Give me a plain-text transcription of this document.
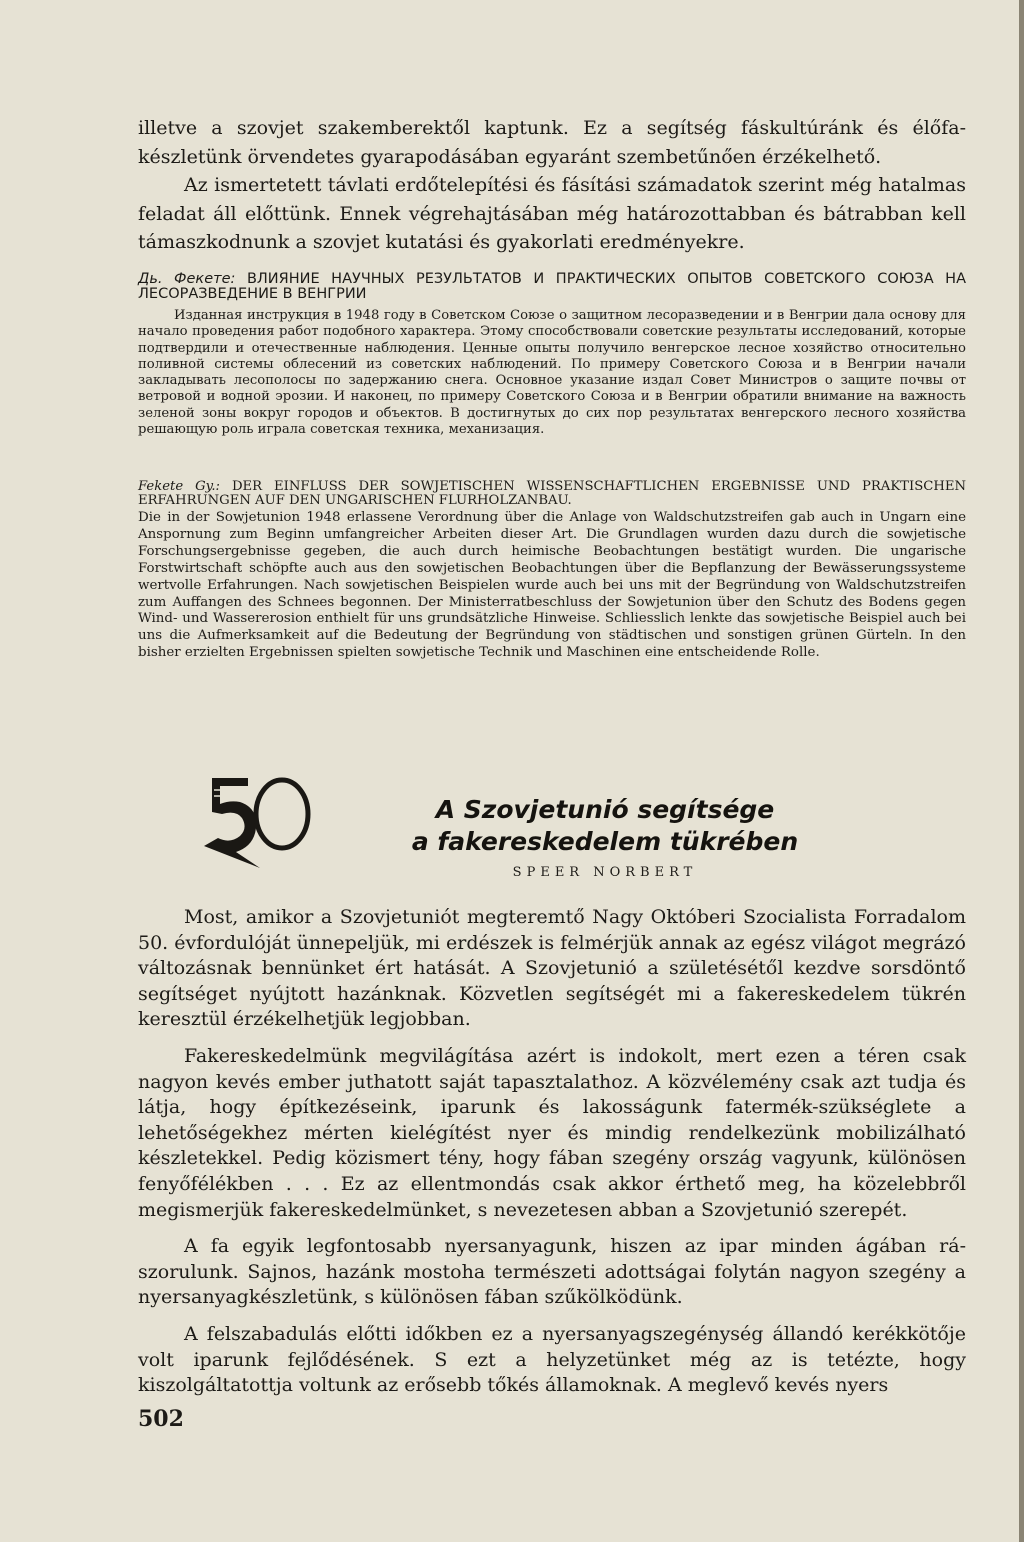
illetve a szovjet szakemberektől kaptunk. Ez a segítség fáskultúránk és élőfakészletünk örvendetes gyarapodásában egyaránt szembetűnően érzékelhető.

Az ismertetett távlati erdőtelepítési és fásítási számadatok szerint még hatalmas feladat áll előttünk. Ennek végrehajtásában még határozottabban és bátrabban kell támaszkodnunk a szovjet kutatási és gyakorlati eredményekre.

Дь. Фекете: ВЛИЯНИЕ НАУЧНЫХ РЕЗУЛЬТАТОВ И ПРАКТИЧЕСКИХ ОПЫТОВ СОВЕТСКОГО СОЮЗА НА ЛЕСОРАЗВЕДЕНИЕ В ВЕНГРИИ

Изданная инструкция в 1948 году в Советском Союзе о защитном лесоразведении и в Венгрии дала основу для начало проведения работ подобного характера. Этому способствовали советские результаты исследований, которые подтвердили и отечественные наблюдения. Ценные опыты получило венгерское лесное хозяйство относительно поливной системы облесений из советских наблюдений. По примеру Советского Союза и в Венгрии начали закладывать лесополосы по задержанию снега. Основное указание издал Совет Министров о защите почвы от ветровой и водной эрозии. И наконец, по примеру Советского Союза и в Венгрии обратили внимание на важность зеленой зоны вокруг городов и объектов. В достигнутых до сих пор результатах венгерского лесного хозяйства решающую роль играла советская техника, механизация.

Fekete Gy.: DER EINFLUSS DER SOWJETISCHEN WISSENSCHAFTLICHEN ERGEBNISSE UND PRAKTISCHEN ERFAHRUNGEN AUF DEN UNGARISCHEN FLURHOLZANBAU.

Die in der Sowjetunion 1948 erlassene Verordnung über die Anlage von Waldschutzstreifen gab auch in Ungarn eine Anspornung zum Beginn umfangreicher Arbeiten dieser Art. Die Grundlagen wurden dazu durch die sowjetische Forschungsergebnisse gegeben, die auch durch heimische Beobachtungen bestätigt wurden. Die ungarische Forstwirtschaft schöpfte auch aus den sowjetischen Beobachtungen über die Bepflanzung der Bewässerungssysteme wertvolle Erfahrungen. Nach sowjetischen Beispielen wurde auch bei uns mit der Begründung von Waldschutzstreifen zum Auffangen des Schnees begonnen. Der Ministerratbeschluss der Sowjetunion über den Schutz des Bodens gegen Wind- und Wassererosion enthielt für uns grundsätzliche Hinweise. Schliesslich lenkte das sowjetische Beispiel auch bei uns die Aufmerksamkeit auf die Bedeutung der Begründung von städtischen und sonstigen grünen Gürteln. In den bisher erzielten Ergebnissen spielten sowjetische Technik und Maschinen eine entscheidende Rolle.

A Szovjetunió segítsége
a fakereskedelem tükrében
SPEER NORBERT

Most, amikor a Szovjetuniót megteremtő Nagy Októberi Szocialista Forradalom 50. évfordulóját ünnepeljük, mi erdészek is felmérjük annak az egész világot megrázó változásnak bennünket ért hatását. A Szovjetunió a születésétől kezdve sorsdöntő segítséget nyújtott hazánknak. Közvetlen segítségét mi a fakereskedelem tükrén keresztül érzékelhetjük legjobban.

Fakereskedelmünk megvilágítása azért is indokolt, mert ezen a téren csak nagyon kevés ember juthatott saját tapasztalathoz. A közvélemény csak azt tudja és látja, hogy építkezéseink, iparunk és lakosságunk fatermék-szükséglete a lehetőségekhez mérten kielégítést nyer és mindig rendelkezünk mobilizálható készletekkel. Pedig közismert tény, hogy fában szegény ország vagyunk, különösen fenyőfélékben . . . Ez az ellentmondás csak akkor érthető meg, ha közelebbről megismerjük fakereskedelmünket, s nevezetesen abban a Szovjetunió szerepét.

A fa egyik legfontosabb nyersanyagunk, hiszen az ipar minden ágában rászorulunk. Sajnos, hazánk mostoha természeti adottságai folytán nagyon szegény a nyersanyagkészletünk, s különösen fában szűkölködünk.

A felszabadulás előtti időkben ez a nyersanyagszegénység állandó kerékkötője volt iparunk fejlődésének. S ezt a helyzetünket még az is tetézte, hogy kiszolgáltatottja voltunk az erősebb tőkés államoknak. A meglevő kevés nyers

502
